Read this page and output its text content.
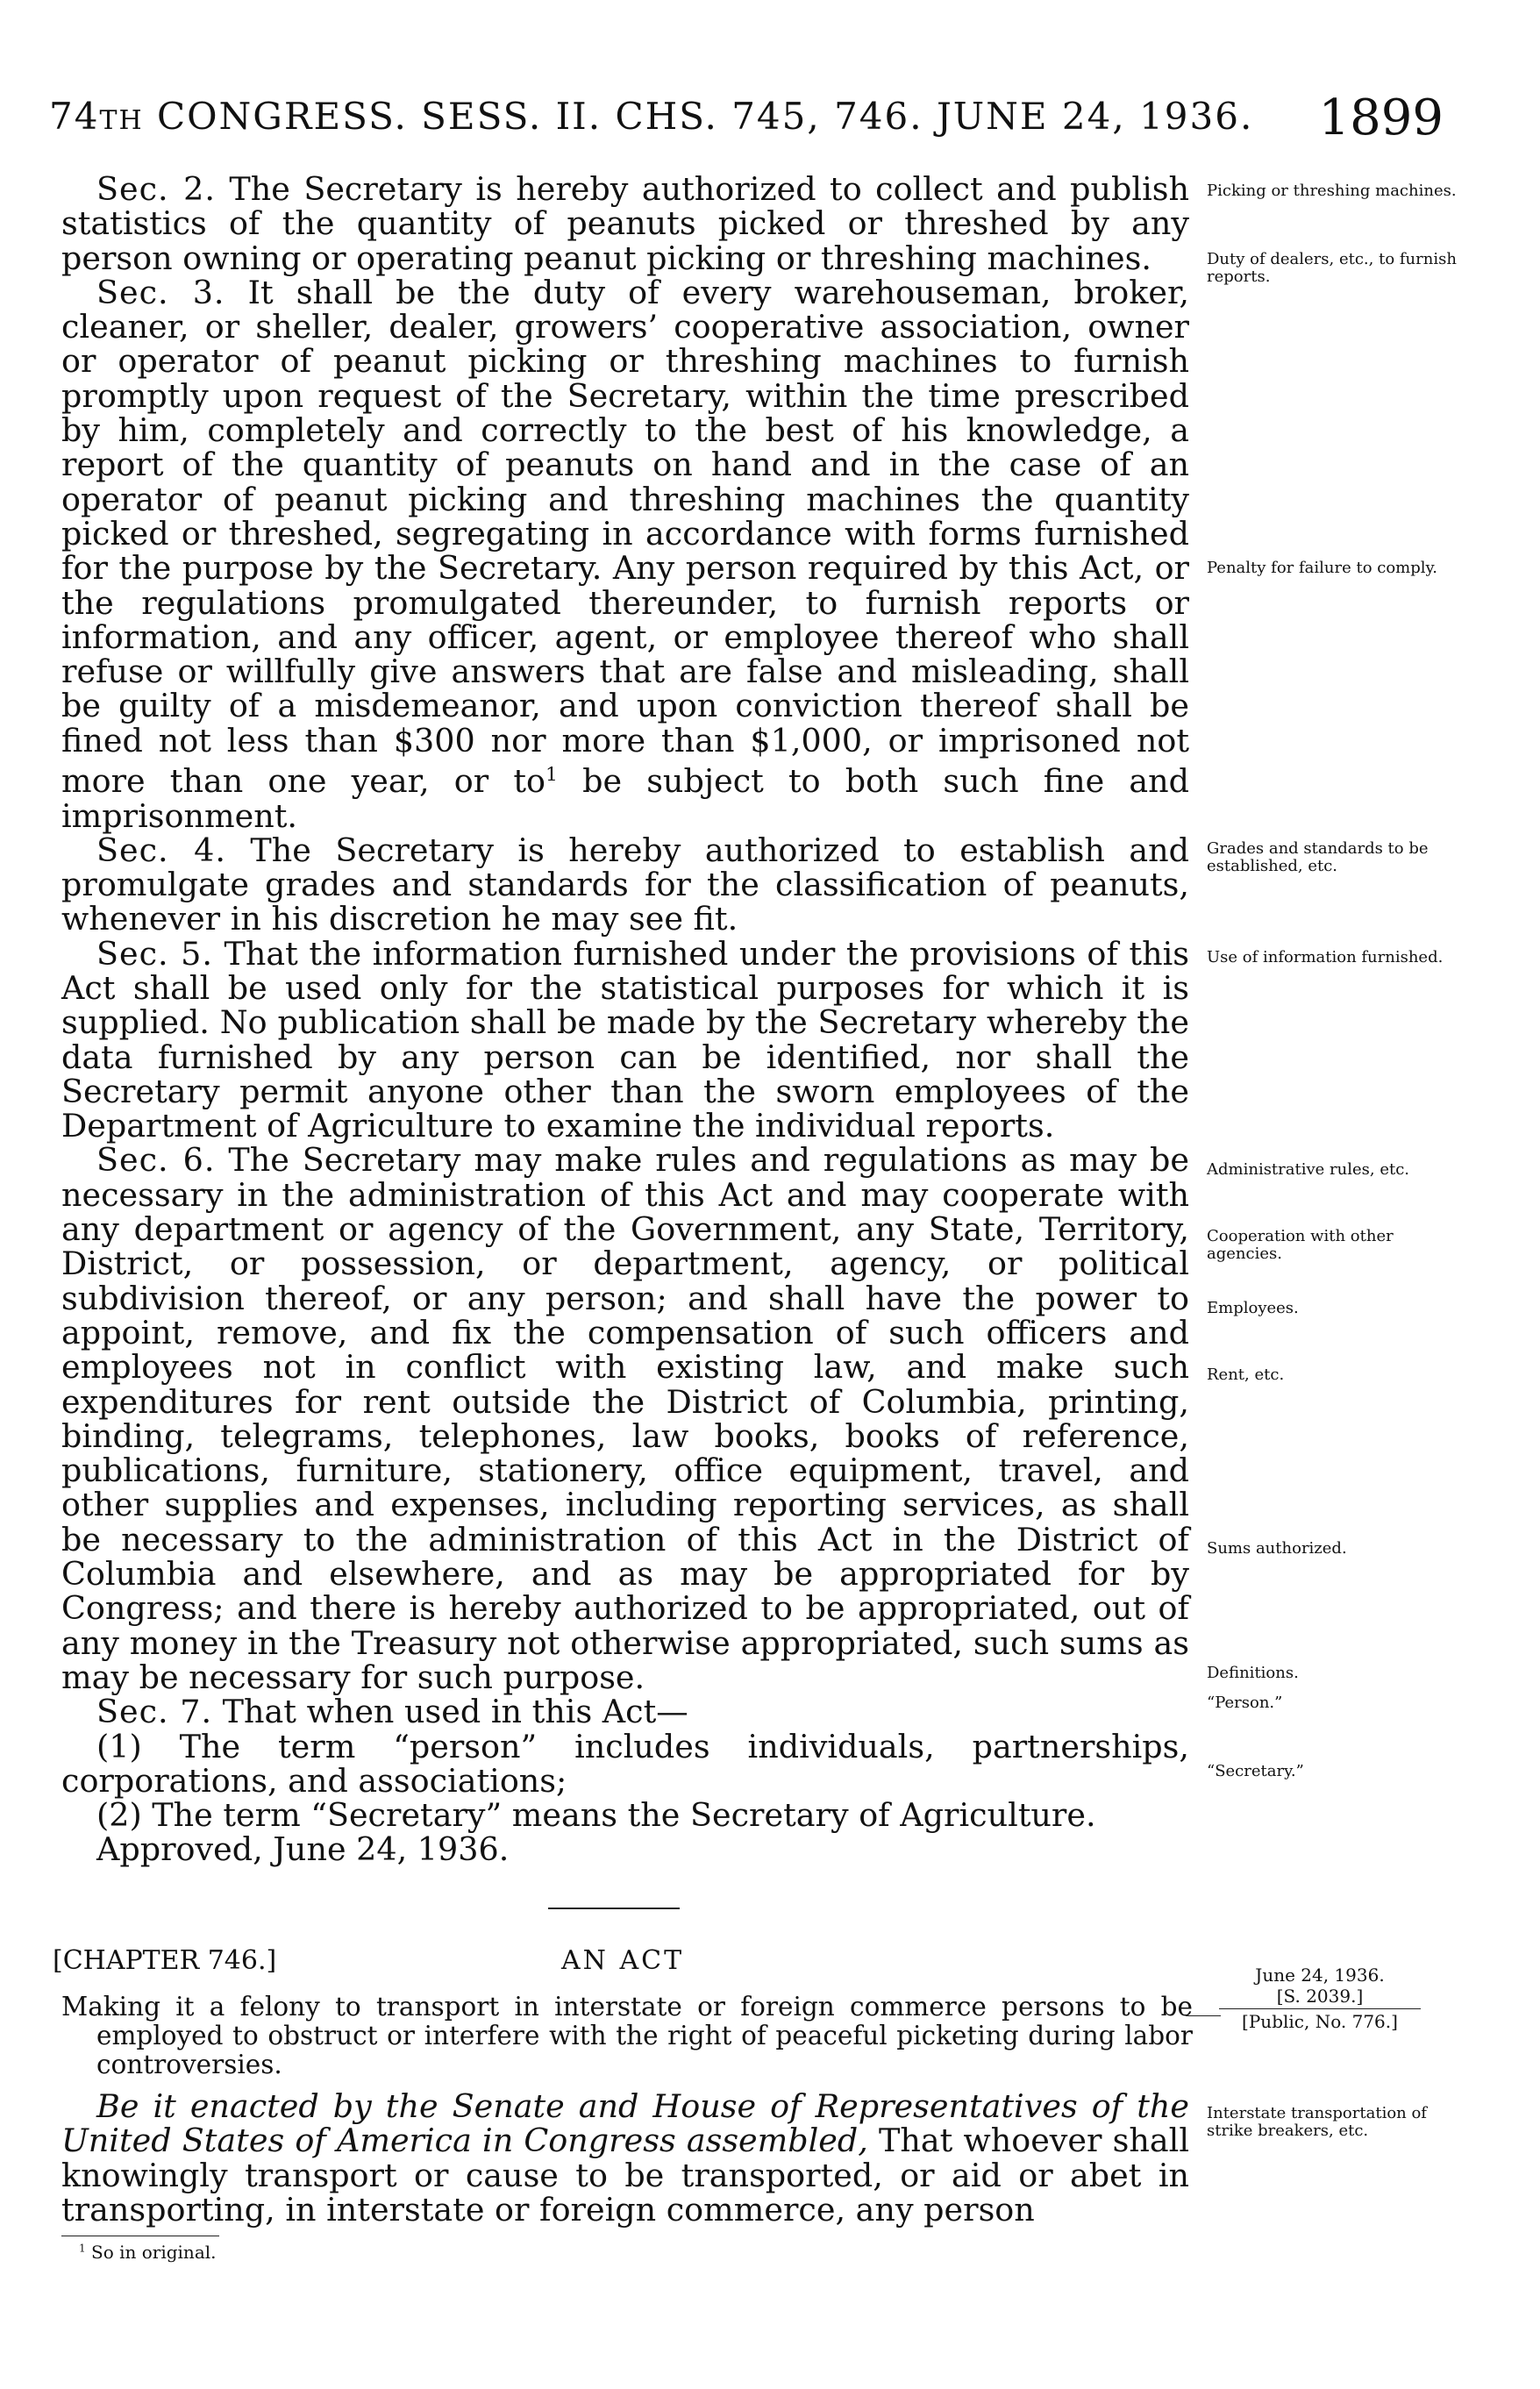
74TH CONGRESS. SESS. II. CHS. 745, 746. JUNE 24, 1936. 1899

Sec. 2. The Secretary is hereby authorized to collect and publish statistics of the quantity of peanuts picked or threshed by any person owning or operating peanut picking or threshing machines.

Sec. 3. It shall be the duty of every warehouseman, broker, cleaner, or sheller, dealer, growers’ cooperative association, owner or operator of peanut picking or threshing machines to furnish promptly upon request of the Secretary, within the time prescribed by him, completely and correctly to the best of his knowledge, a report of the quantity of peanuts on hand and in the case of an operator of peanut picking and threshing machines the quantity picked or threshed, segregating in accordance with forms furnished for the purpose by the Secretary. Any person required by this Act, or the regulations promulgated thereunder, to furnish reports or information, and any officer, agent, or employee thereof who shall refuse or willfully give answers that are false and misleading, shall be guilty of a misdemeanor, and upon conviction thereof shall be fined not less than $300 nor more than $1,000, or imprisoned not more than one year, or $to^1$ be subject to both such fine and imprisonment.

Sec. 4. The Secretary is hereby authorized to establish and promulgate grades and standards for the classification of peanuts, whenever in his discretion he may see fit.

Sec. 5. That the information furnished under the provisions of this Act shall be used only for the statistical purposes for which it is supplied. No publication shall be made by the Secretary whereby the data furnished by any person can be identified, nor shall the Secretary permit anyone other than the sworn employees of the Department of Agriculture to examine the individual reports.

Sec. 6. The Secretary may make rules and regulations as may be necessary in the administration of this Act and may cooperate with any department or agency of the Government, any State, Territory, District, or possession, or department, agency, or political subdivision thereof, or any person; and shall have the power to appoint, remove, and fix the compensation of such officers and employees not in conflict with existing law, and make such expenditures for rent outside the District of Columbia, printing, binding, telegrams, telephones, law books, books of reference, publications, furniture, stationery, office equipment, travel, and other supplies and expenses, including reporting services, as shall be necessary to the administration of this Act in the District of Columbia and elsewhere, and as may be appropriated for by Congress; and there is hereby authorized to be appropriated, out of any money in the Treasury not otherwise appropriated, such sums as may be necessary for such purpose.

Sec. 7. That when used in this Act—

(1) The term “person” includes individuals, partnerships, corporations, and associations;

(2) The term “Secretary” means the Secretary of Agriculture.

Approved, June 24, 1936.

Picking or threshing machines.
Duty of dealers, etc., to furnish reports.
Penalty for failure to comply.
Grades and standards to be established, etc.
Use of information furnished.
Administrative rules, etc.
Cooperation with other agencies.
Employees.
Rent, etc.
Sums authorized.
Definitions.
“Person.”
“Secretary.”
[CHAPTER 746.]	AN ACT

Making it a felony to transport in interstate or foreign commerce persons to be employed to obstruct or interfere with the right of peaceful picketing during labor controversies.

June 24, 1936.
[S. 2039.]
[Public, No. 776.]

Be it enacted by the Senate and House of Representatives of the United States of America in Congress assembled, That whoever shall knowingly transport or cause to be transported, or aid or abet in transporting, in interstate or foreign commerce, any person

Interstate transportation of strike breakers, etc.
$^1$ So in original.
